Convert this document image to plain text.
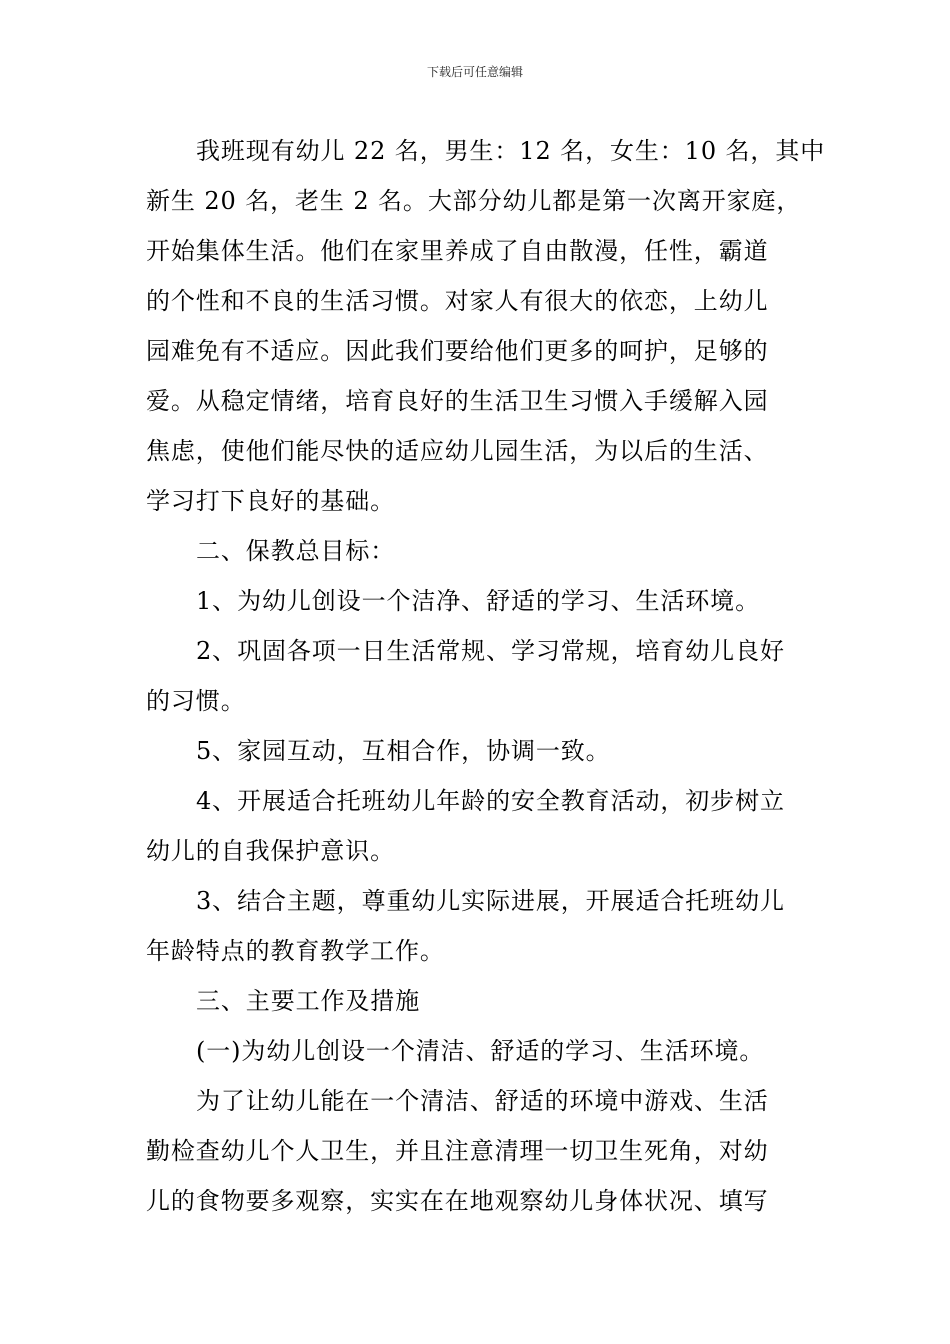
下载后可任意编辑

我班现有幼儿 22 名，男生：12 名，女生：10 名，其中

新生 20 名，老生 2 名。大部分幼儿都是第一次离开家庭，

开始集体生活。他们在家里养成了自由散漫，任性，霸道

的个性和不良的生活习惯。对家人有很大的依恋，上幼儿

园难免有不适应。因此我们要给他们更多的呵护，足够的

爱。从稳定情绪，培育良好的生活卫生习惯入手缓解入园

焦虑，使他们能尽快的适应幼儿园生活，为以后的生活、

学习打下良好的基础。

二、保教总目标：

1、为幼儿创设一个洁净、舒适的学习、生活环境。

2、巩固各项一日生活常规、学习常规，培育幼儿良好

的习惯。

5、家园互动，互相合作，协调一致。

4、开展适合托班幼儿年龄的安全教育活动，初步树立

幼儿的自我保护意识。

3、结合主题，尊重幼儿实际进展，开展适合托班幼儿

年龄特点的教育教学工作。

三、主要工作及措施

(一)为幼儿创设一个清洁、舒适的学习、生活环境。

为了让幼儿能在一个清洁、舒适的环境中游戏、生活

勤检查幼儿个人卫生，并且注意清理一切卫生死角，对幼

儿的食物要多观察，实实在在地观察幼儿身体状况、填写
